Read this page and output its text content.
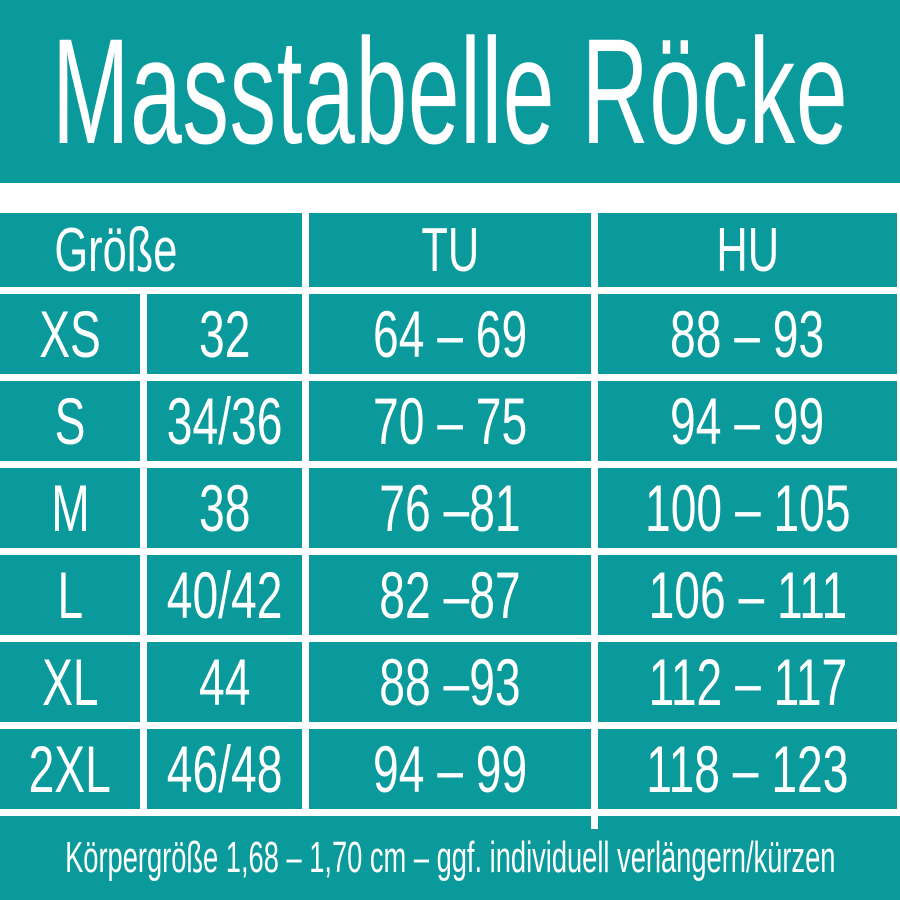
Masstabelle Röcke
Größe	TU	HU
XS 32 64 – 69 88 – 93
S 34/36 70 – 75 94 – 99
M 38 76 –81 100 – 105
L 40/42 82 –87 106 – 111
XL 44 88 –93 112 – 117
2XL 46/48 94 – 99 118 – 123
Körpergröße 1,68 – 1,70 cm – ggf. individuell verlängern/kürzen
